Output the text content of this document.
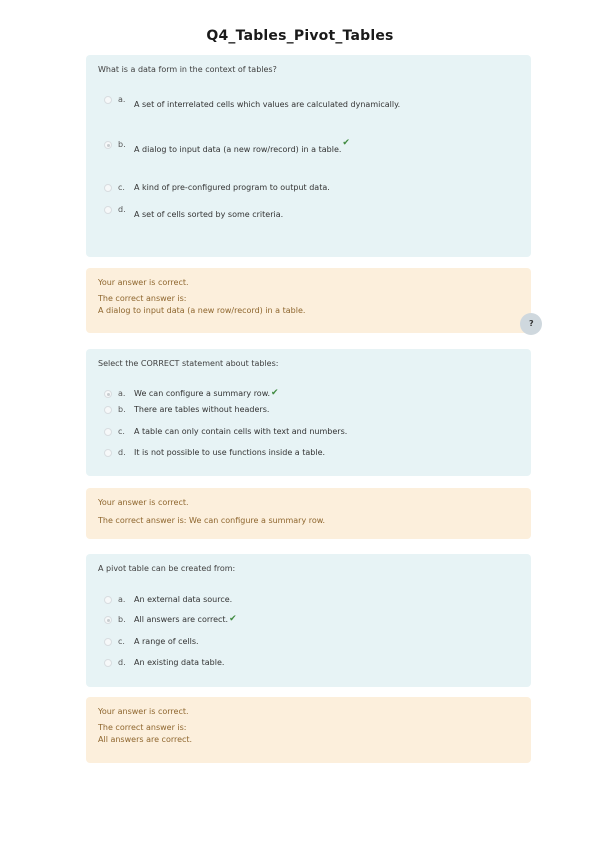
Q4_Tables_Pivot_Tables
What is a data form in the context of tables?
a.
A set of interrelated cells which values are calculated dynamically.
b.
A dialog to input data (a new row/record) in a table.
✔
c.	A kind of pre-configured program to output data.
d.
A set of cells sorted by some criteria.
Your answer is correct.
The correct answer is:
A dialog to input data (a new row/record) in a table.
?
Select the CORRECT statement about tables:
a.	We can configure a summary row. ✔
b.	There are tables without headers.
c.	A table can only contain cells with text and numbers.
d.	It is not possible to use functions inside a table.
Your answer is correct.
The correct answer is: We can configure a summary row.
A pivot table can be created from:
a.	An external data source.
b.	All answers are correct. ✔
c.	A range of cells.
d.	An existing data table.
Your answer is correct.
The correct answer is:
All answers are correct.
